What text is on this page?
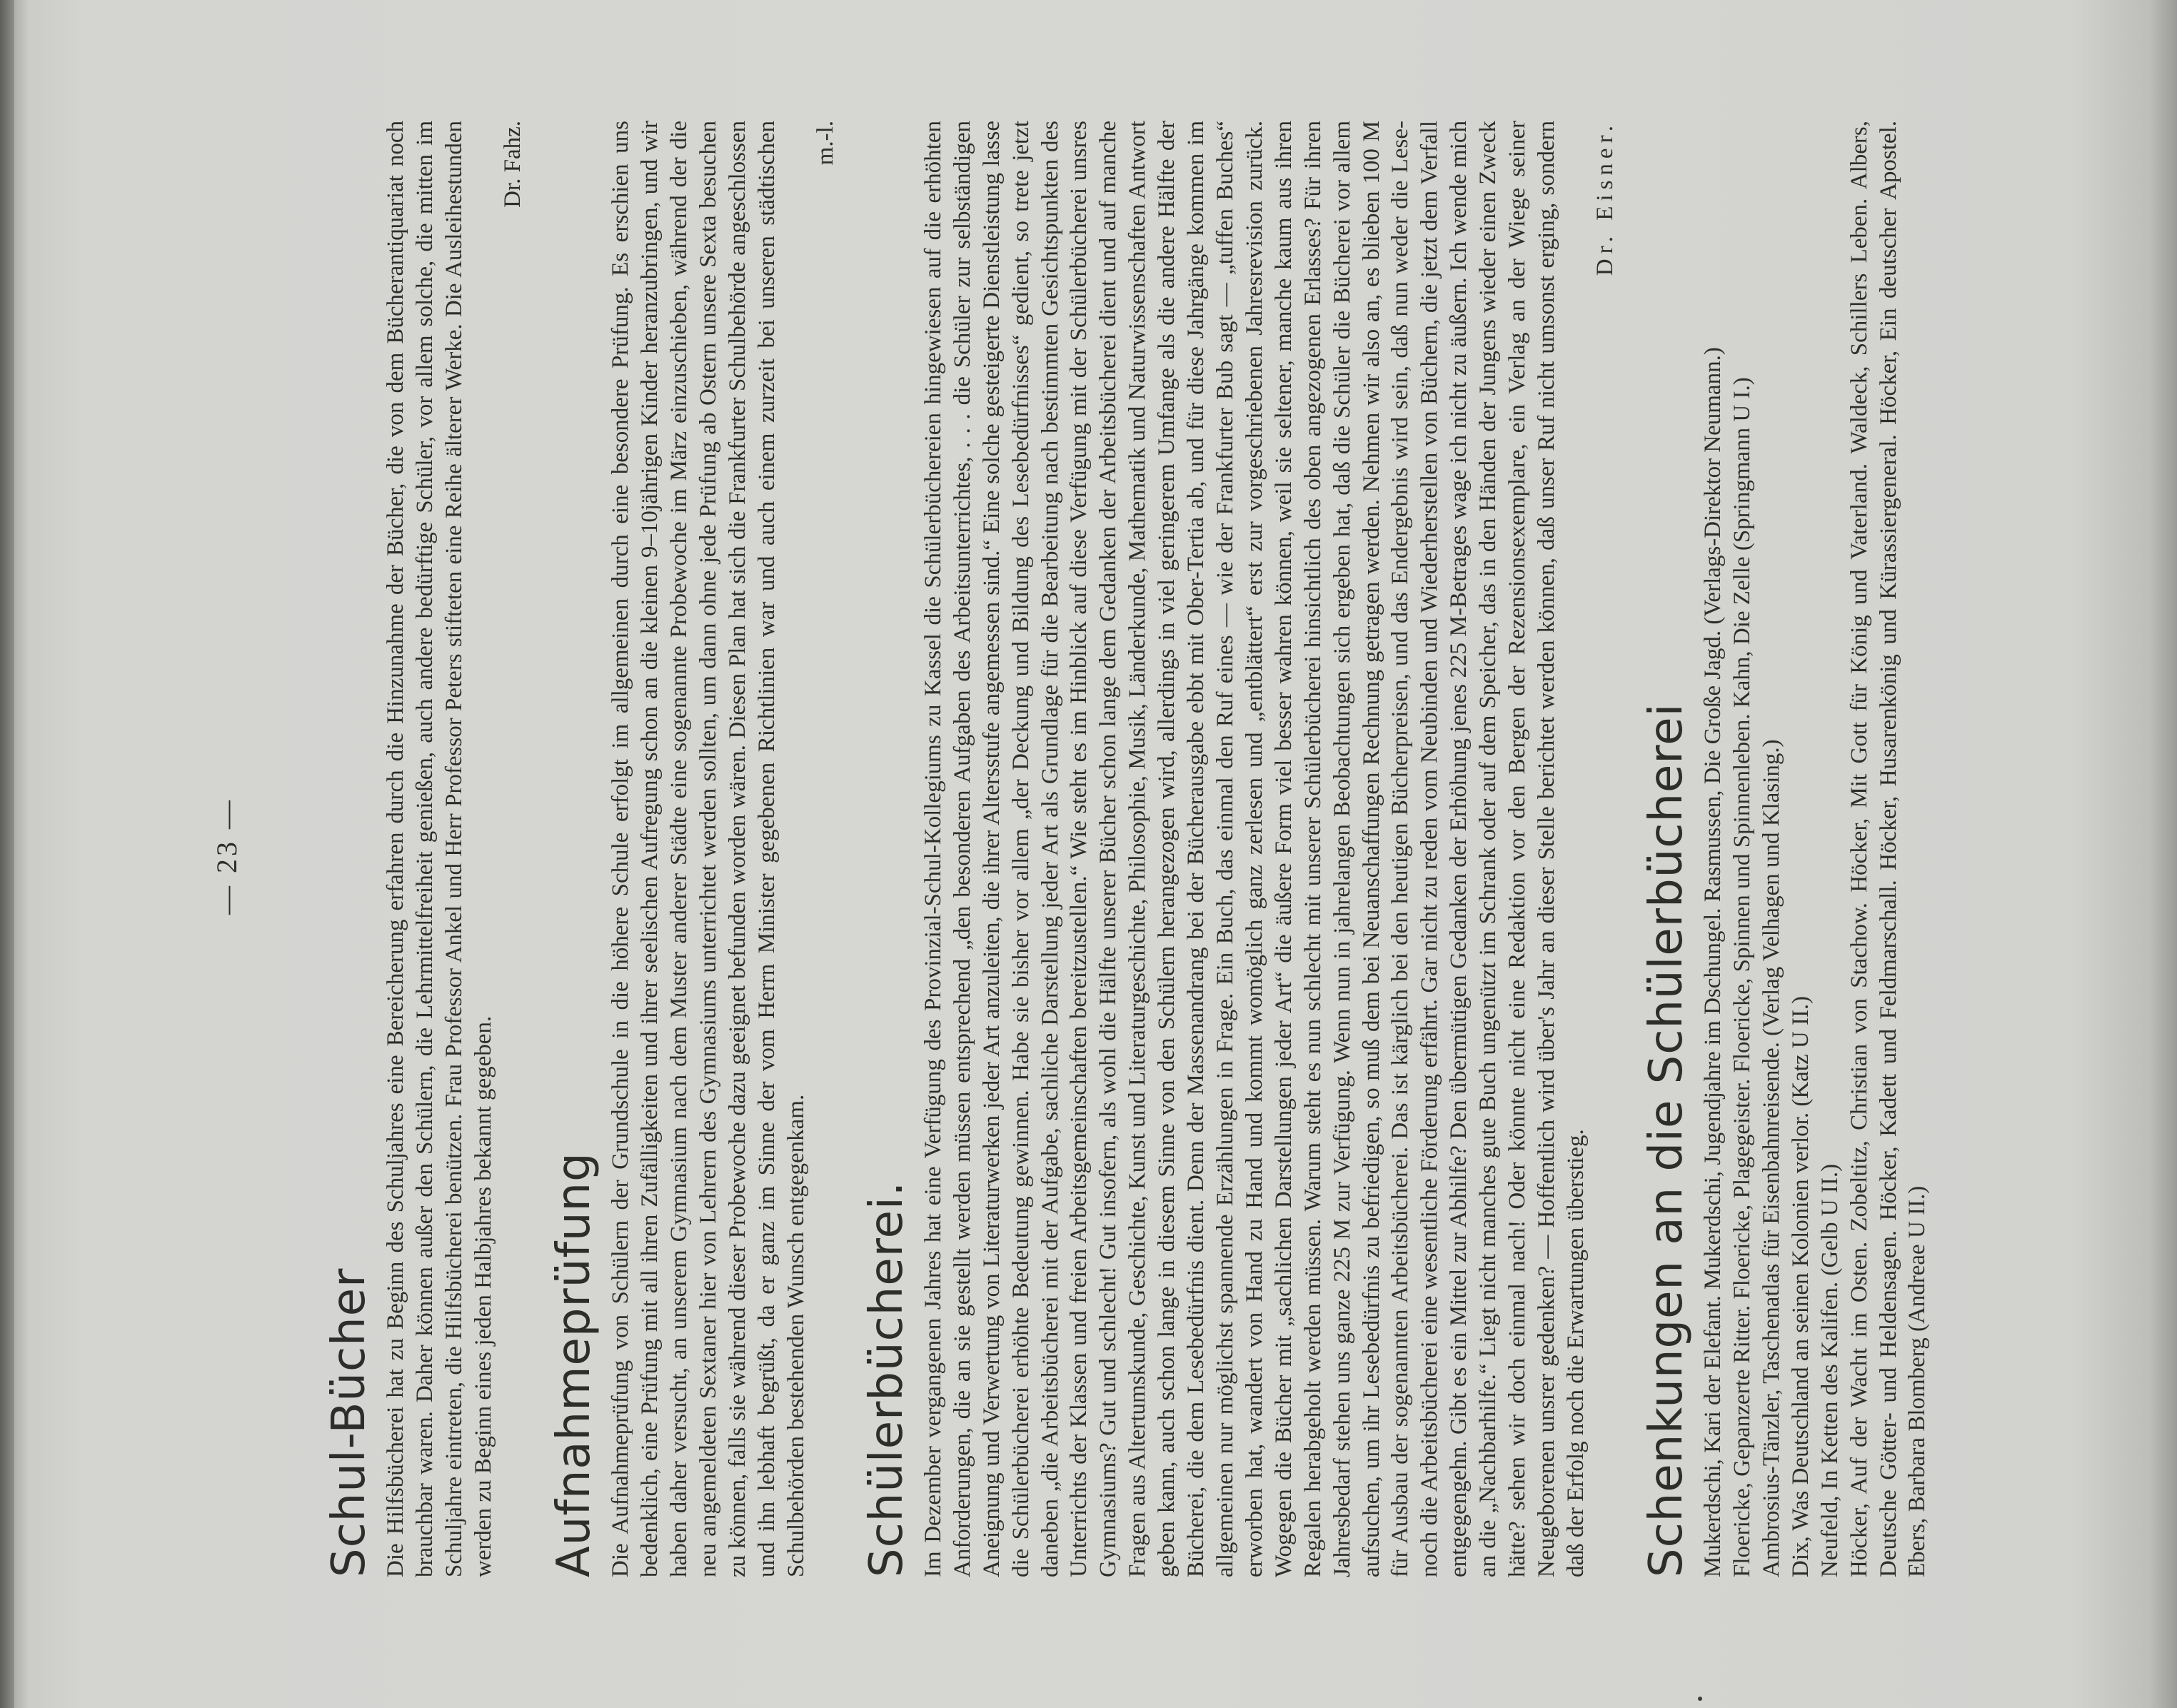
— 23 —
Schul-Bücher Die Hilfsbücherei hat zu Beginn des Schuljahres eine Bereicherung erfahren durch die Hinzunahme der Bücher, die von dem Bücherantiquariat noch brauchbar waren. Daher können außer den Schülern, die Lehrmittelfreiheit genießen, auch andere bedürftige Schüler, vor allem solche, die mitten im Schuljahre eintreten, die Hilfsbücherei benützen. Frau Professor Ankel und Herr Professor Peters stifteten eine Reihe älterer Werke. Die Ausleihestunden werden zu Beginn eines jeden Halbjahres bekannt gegeben.

Dr. Fahz.

Aufnahmeprüfung Die Aufnahmeprüfung von Schülern der Grundschule in die höhere Schule erfolgt im allgemeinen durch eine besondere Prüfung. Es erschien uns bedenklich, eine Prüfung mit all ihren Zufälligkeiten und ihrer seelischen Aufregung schon an die kleinen 9–10jährigen Kinder heranzubringen, und wir haben daher versucht, an unserem Gymnasium nach dem Muster anderer Städte eine sogenannte Probewoche im März einzuschieben, während der die neu angemeldeten Sextaner hier von Lehrern des Gymnasiums unterrichtet werden sollten, um dann ohne jede Prüfung ab Ostern unsere Sexta besuchen zu können, falls sie während dieser Probewoche dazu geeignet befunden worden wären. Diesen Plan hat sich die Frankfurter Schulbehörde angeschlossen und ihn lebhaft begrüßt, da er ganz im Sinne der vom Herrn Minister gegebenen Richtlinien war und auch einem zurzeit bei unseren städtischen Schulbehörden bestehenden Wunsch entgegenkam.

m.-l.

Schülerbücherei. Im Dezember vergangenen Jahres hat eine Verfügung des Provinzial-Schul-Kollegiums zu Kassel die Schülerbüchereien hingewiesen auf die erhöhten Anforderungen, die an sie gestellt werden müssen entsprechend „den besonderen Aufgaben des Arbeitsunterrichtes, . . . die Schüler zur selbständigen Aneignung und Verwertung von Literaturwerken jeder Art anzuleiten, die ihrer Altersstufe angemessen sind.“ Eine solche gesteigerte Dienstleistung lasse die Schülerbücherei erhöhte Bedeutung gewinnen. Habe sie bisher vor allem „der Deckung und Bildung des Lesebedürfnisses“ gedient, so trete jetzt daneben „die Arbeitsbücherei mit der Aufgabe, sachliche Darstellung jeder Art als Grundlage für die Bearbeitung nach bestimmten Gesichtspunkten des Unterrichts der Klassen und freien Arbeitsgemeinschaften bereitzustellen.“ Wie steht es im Hinblick auf diese Verfügung mit der Schülerbücherei unsres Gymnasiums? Gut und schlecht! Gut insofern, als wohl die Hälfte unserer Bücher schon lange dem Gedanken der Arbeitsbücherei dient und auf manche Fragen aus Altertumskunde, Geschichte, Kunst und Literaturgeschichte, Philosophie, Musik, Länderkunde, Mathematik und Naturwissenschaften Antwort geben kann, auch schon lange in diesem Sinne von den Schülern herangezogen wird, allerdings in viel geringerem Umfange als die andere Hälfte der Bücherei, die dem Lesebedürfnis dient. Denn der Massenandrang bei der Bücherausgabe ebbt mit Ober-Tertia ab, und für diese Jahrgänge kommen im allgemeinen nur möglichst spannende Erzählungen in Frage. Ein Buch, das einmal den Ruf eines — wie der Frankfurter Bub sagt — „tuffen Buches“ erworben hat, wandert von Hand zu Hand und kommt womöglich ganz zerlesen und „entblättert“ erst zur vorgeschriebenen Jahresrevision zurück. Wogegen die Bücher mit „sachlichen Darstellungen jeder Art“ die äußere Form viel besser wahren können, weil sie seltener, manche kaum aus ihren Regalen herabgeholt werden müssen. Warum steht es nun schlecht mit unserer Schülerbücherei hinsichtlich des oben angezogenen Erlasses? Für ihren Jahresbedarf stehen uns ganze 225 M zur Verfügung. Wenn nun in jahrelangen Beobachtungen sich ergeben hat, daß die Schüler die Bücherei vor allem aufsuchen, um ihr Lesebedürfnis zu befriedigen, so muß dem bei Neuanschaffungen Rechnung getragen werden. Nehmen wir also an, es blieben 100 M für Ausbau der sogenannten Arbeitsbücherei. Das ist kärglich bei den heutigen Bücherpreisen, und das Endergebnis wird sein, daß nun weder die Lese- noch die Arbeitsbücherei eine wesentliche Förderung erfährt. Gar nicht zu reden vom Neubinden und Wiederherstellen von Büchern, die jetzt dem Verfall entgegengehn. Gibt es ein Mittel zur Abhilfe? Den übermütigen Gedanken der Erhöhung jenes 225 M-Betrages wage ich nicht zu äußern. Ich wende mich an die „Nachbarhilfe.“ Liegt nicht manches gute Buch ungenützt im Schrank oder auf dem Speicher, das in den Händen der Jungens wieder einen Zweck hätte? sehen wir doch einmal nach! Oder könnte nicht eine Redaktion vor den Bergen der Rezensionsexemplare, ein Verlag an der Wiege seiner Neugeborenen unsrer gedenken? — Hoffentlich wird über's Jahr an dieser Stelle berichtet werden können, daß unser Ruf nicht umsonst erging, sondern daß der Erfolg noch die Erwartungen überstieg.

Dr. Eisner.

Schenkungen an die Schülerbücherei Mukerdschi, Kari der Elefant. Mukerdschi, Jugendjahre im Dschungel. Rasmussen, Die Große Jagd. (Verlags-Direktor Neumann.) Floericke, Gepanzerte Ritter. Floericke, Plagegeister. Floericke, Spinnen und Spinnenleben. Kahn, Die Zelle (Springmann U I.) Ambrosius-Tänzler, Taschenatlas für Eisenbahnreisende. (Verlag Velhagen und Klasing.) Dix, Was Deutschland an seinen Kolonien verlor. (Katz U II.) Neufeld, In Ketten des Kalifen. (Gelb U II.) Höcker, Auf der Wacht im Osten. Zobeltitz, Christian von Stachow. Höcker, Mit Gott für König und Vaterland. Waldeck, Schillers Leben. Albers, Deutsche Götter- und Heldensagen. Höcker, Kadett und Feldmarschall. Höcker, Husarenkönig und Kürassiergeneral. Höcker, Ein deutscher Apostel. Ebers, Barbara Blomberg (Andreae U II.)
